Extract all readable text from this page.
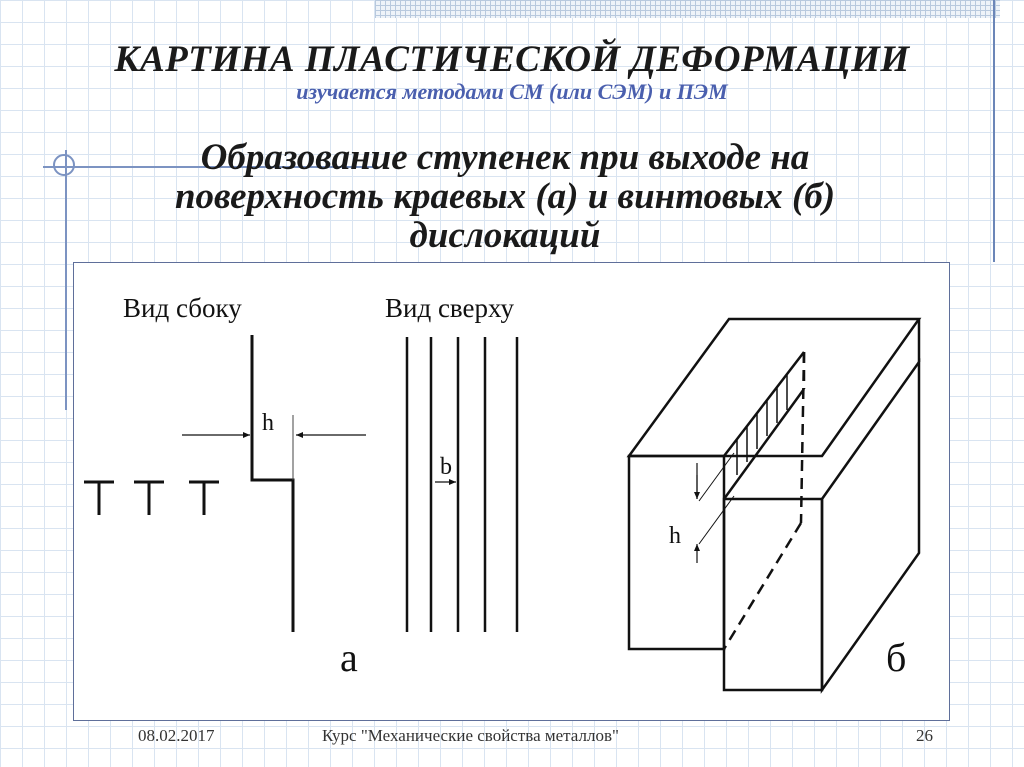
КАРТИНА ПЛАСТИЧЕСКОЙ ДЕФОРМАЦИИ

изучается методами СМ (или СЭМ) и ПЭМ

Образование ступенек при выходе на
поверхность краевых (а) и винтовых (б)
дислокаций
Вид сбоку
h
Вид сверху
b
а
h
б
08.02.2017	Курс "Механические свойства металлов"	26
